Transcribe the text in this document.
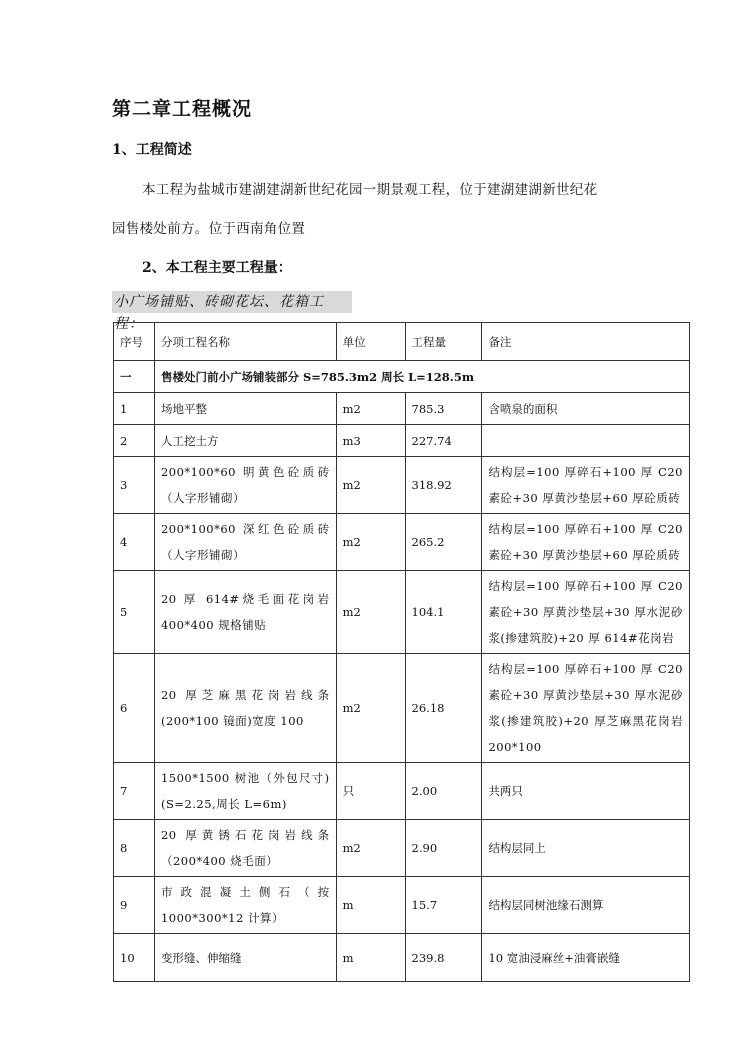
第二章工程概况
1、工程简述
本工程为盐城市建湖建湖新世纪花园一期景观工程，位于建湖建湖新世纪花
园售楼处前方。位于西南角位置
2、本工程主要工程量：
小广场铺贴、砖砌花坛、花箱工程：
序号	分项工程名称	单位	工程量	备注
一	售楼处门前小广场铺装部分 S=785.3m2 周长 L=128.5m			
1	场地平整	m2	785.3	含喷泉的面积
2	人工挖土方	m3	227.74	
3	200*100*60 明黄色砼质砖（人字形铺砌）	m2	318.92	结构层=100 厚碎石+100 厚 C20 素砼+30 厚黄沙垫层+60 厚砼质砖
4	200*100*60 深红色砼质砖（人字形铺砌）	m2	265.2	结构层=100 厚碎石+100 厚 C20 素砼+30 厚黄沙垫层+60 厚砼质砖
5	20 厚 614#烧毛面花岗岩 400*400 规格铺贴	m2	104.1	结构层=100 厚碎石+100 厚 C20 素砼+30 厚黄沙垫层+30 厚水泥砂浆(掺建筑胶)+20 厚 614#花岗岩
6	20 厚芝麻黑花岗岩线条(200*100 镜面)宽度 100	m2	26.18	结构层=100 厚碎石+100 厚 C20 素砼+30 厚黄沙垫层+30 厚水泥砂浆(掺建筑胶)+20 厚芝麻黑花岗岩 200*100
7	1500*1500 树池（外包尺寸)(S=2.25,周长 L=6m)	只	2.00	共两只
8	20 厚黄锈石花岗岩线条（200*400 烧毛面）	m2	2.90	结构层同上
9	市政混凝土侧石（按 1000*300*12 计算）	m	15.7	结构层同树池缘石测算
10	变形缝、伸缩缝	m	239.8	10 宽油浸麻丝+油膏嵌缝
